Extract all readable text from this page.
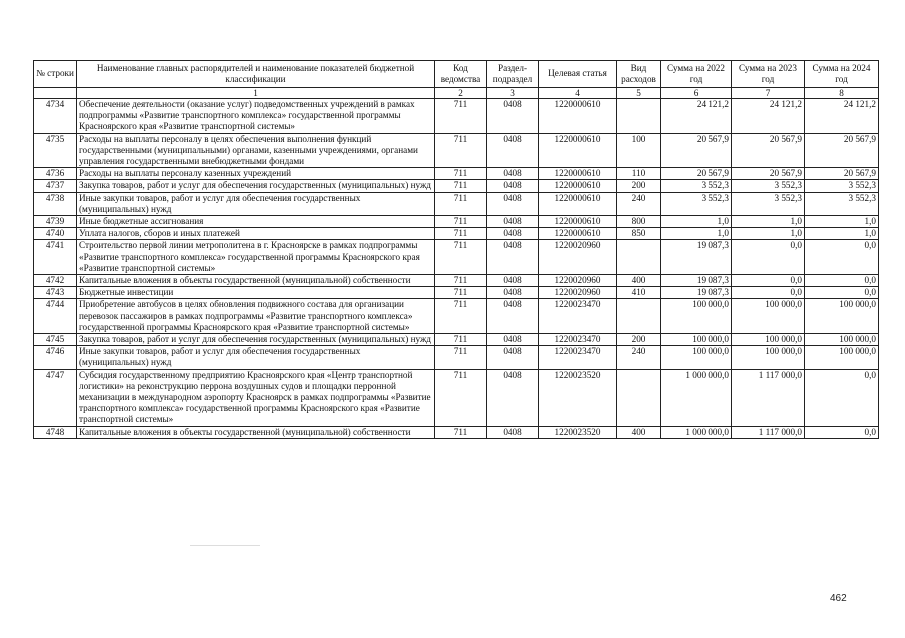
№ строки	Наименование главных распорядителей и наименование показателей бюджетной классификации	Код ведомства	Раздел-подраздел	Целевая статья	Вид расходов	Сумма на 2022 год	Сумма на 2023 год	Сумма на 2024 год
	1	2	3	4	5	6	7	8
4734	Обеспечение деятельности (оказание услуг) подведомственных учреждений в рамках подпрограммы «Развитие транспортного комплекса» государственной программы Красноярского края «Развитие транспортной системы»	711	0408	1220000610		24 121,2	24 121,2	24 121,2
4735	Расходы на выплаты персоналу в целях обеспечения выполнения функций государственными (муниципальными) органами, казенными учреждениями, органами управления государственными внебюджетными фондами	711	0408	1220000610	100	20 567,9	20 567,9	20 567,9
4736	Расходы на выплаты персоналу казенных учреждений	711	0408	1220000610	110	20 567,9	20 567,9	20 567,9
4737	Закупка товаров, работ и услуг для обеспечения государственных (муниципальных) нужд	711	0408	1220000610	200	3 552,3	3 552,3	3 552,3
4738	Иные закупки товаров, работ и услуг для обеспечения государственных (муниципальных) нужд	711	0408	1220000610	240	3 552,3	3 552,3	3 552,3
4739	Иные бюджетные ассигнования	711	0408	1220000610	800	1,0	1,0	1,0
4740	Уплата налогов, сборов и иных платежей	711	0408	1220000610	850	1,0	1,0	1,0
4741	Строительство первой линии метрополитена в г. Красноярске в рамках подпрограммы «Развитие транспортного комплекса» государственной программы Красноярского края «Развитие транспортной системы»	711	0408	1220020960		19 087,3	0,0	0,0
4742	Капитальные вложения в объекты государственной (муниципальной) собственности	711	0408	1220020960	400	19 087,3	0,0	0,0
4743	Бюджетные инвестиции	711	0408	1220020960	410	19 087,3	0,0	0,0
4744	Приобретение автобусов в целях обновления подвижного состава для организации перевозок пассажиров в рамках подпрограммы «Развитие транспортного комплекса» государственной программы Красноярского края «Развитие транспортной системы»	711	0408	1220023470		100 000,0	100 000,0	100 000,0
4745	Закупка товаров, работ и услуг для обеспечения государственных (муниципальных) нужд	711	0408	1220023470	200	100 000,0	100 000,0	100 000,0
4746	Иные закупки товаров, работ и услуг для обеспечения государственных (муниципальных) нужд	711	0408	1220023470	240	100 000,0	100 000,0	100 000,0
4747	Субсидия государственному предприятию Красноярского края «Центр транспортной логистики» на реконструкцию перрона воздушных судов и площадки перронной механизации в международном аэропорту Красноярск в рамках подпрограммы «Развитие транспортного комплекса» государственной программы Красноярского края «Развитие транспортной системы»	711	0408	1220023520		1 000 000,0	1 117 000,0	0,0
4748	Капитальные вложения в объекты государственной (муниципальной) собственности	711	0408	1220023520	400	1 000 000,0	1 117 000,0	0,0
462
